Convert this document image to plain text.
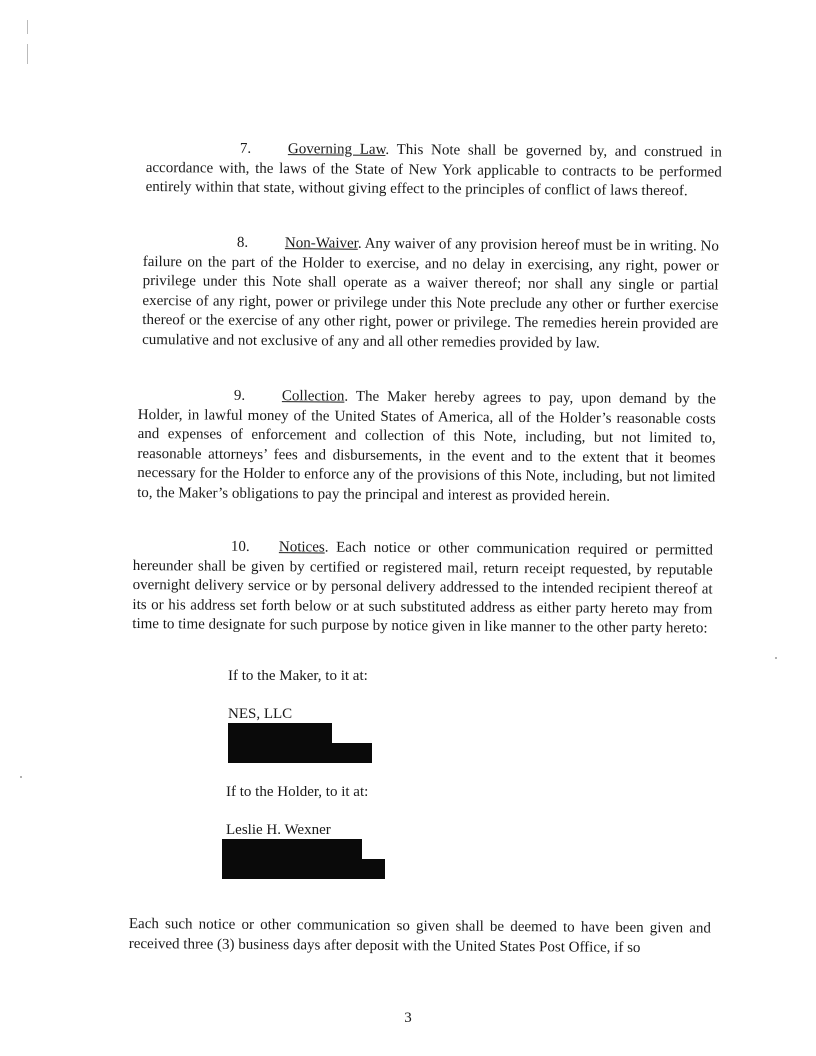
7. Governing Law. This Note shall be governed by, and construed in accordance with, the laws of the State of New York applicable to contracts to be performed entirely within that state, without giving effect to the principles of conflict of laws thereof.

8. Non-Waiver. Any waiver of any provision hereof must be in writing. No failure on the part of the Holder to exercise, and no delay in exercising, any right, power or privilege under this Note shall operate as a waiver thereof; nor shall any single or partial exercise of any right, power or privilege under this Note preclude any other or further exercise thereof or the exercise of any other right, power or privilege. The remedies herein provided are cumulative and not exclusive of any and all other remedies provided by law.

9. Collection. The Maker hereby agrees to pay, upon demand by the Holder, in lawful money of the United States of America, all of the Holder’s reasonable costs and expenses of enforcement and collection of this Note, including, but not limited to, reasonable attorneys’ fees and disbursements, in the event and to the extent that it beomes necessary for the Holder to enforce any of the provisions of this Note, including, but not limited to, the Maker’s obligations to pay the principal and interest as provided herein.

10. Notices. Each notice or other communication required or permitted hereunder shall be given by certified or registered mail, return receipt requested, by reputable overnight delivery service or by personal delivery addressed to the intended recipient thereof at its or his address set forth below or at such substituted address as either party hereto may from time to time designate for such purpose by notice given in like manner to the other party hereto:

If to the Maker, to it at:

NES, LLC

If to the Holder, to it at:

Leslie H. Wexner

Each such notice or other communication so given shall be deemed to have been given and received three (3) business days after deposit with the United States Post Office, if so

3
